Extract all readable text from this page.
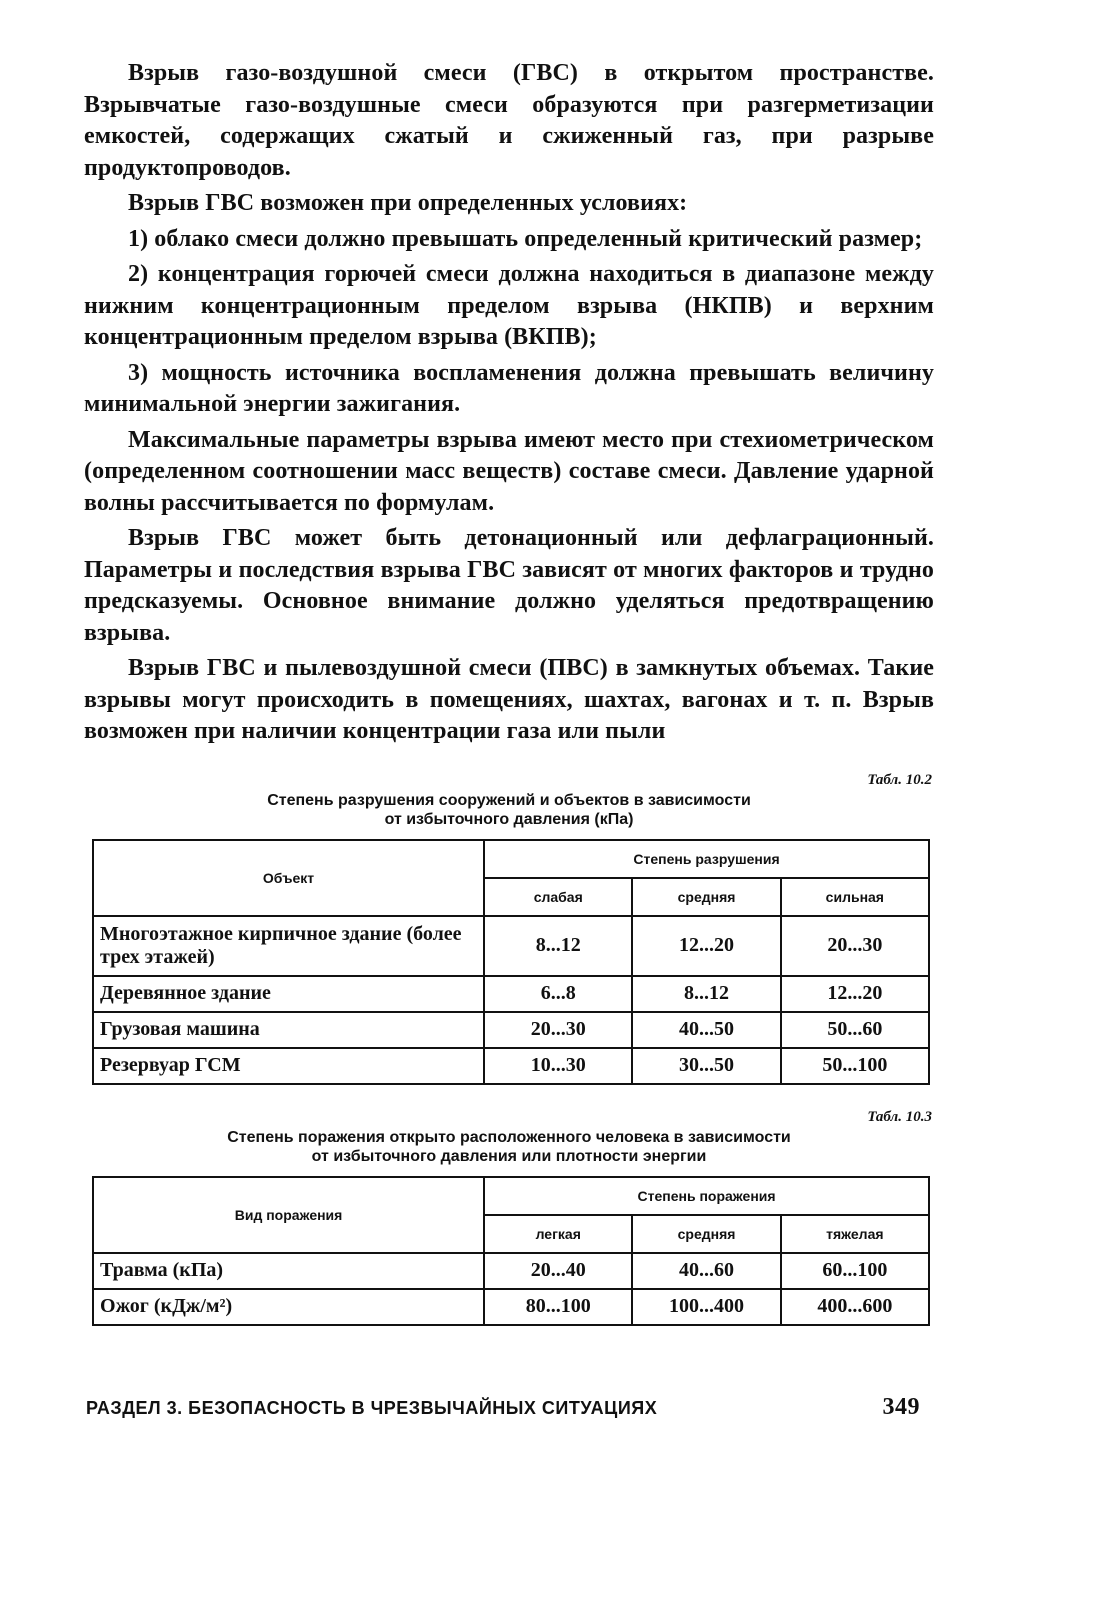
Взрыв газо-воздушной смеси (ГВС) в открытом пространстве. Взрывчатые газо-воздушные смеси образуются при разгерметизации емкостей, содержащих сжатый и сжиженный газ, при разрыве продуктопроводов.

Взрыв ГВС возможен при определенных условиях:

1) облако смеси должно превышать определенный критический размер;

2) концентрация горючей смеси должна находиться в диапазоне между нижним концентрационным пределом взрыва (НКПВ) и верхним концентрационным пределом взрыва (ВКПВ);

3) мощность источника воспламенения должна превышать величину минимальной энергии зажигания.

Максимальные параметры взрыва имеют место при стехиометрическом (определенном соотношении масс веществ) составе смеси. Давление ударной волны рассчитывается по формулам.

Взрыв ГВС может быть детонационный или дефлаграционный. Параметры и последствия взрыва ГВС зависят от многих факторов и трудно предсказуемы. Основное внимание должно уделяться предотвращению взрыва.

Взрыв ГВС и пылевоздушной смеси (ПВС) в замкнутых объемах. Такие взрывы могут происходить в помещениях, шахтах, вагонах и т. п. Взрыв возможен при наличии концентрации газа или пыли

Табл. 10.2

Степень разрушения сооружений и объектов в зависимости
от избыточного давления (кПа)
Объект	Степень разрушения		
	слабая	средняя	сильная
Многоэтажное кирпичное здание (более трех этажей)	8...12	12...20	20...30
Деревянное здание	6...8	8...12	12...20
Грузовая машина	20...30	40...50	50...60
Резервуар ГСМ	10...30	30...50	50...100

Табл. 10.3

Степень поражения открыто расположенного человека в зависимости
от избыточного давления или плотности энергии
Вид поражения	Степень поражения		
	легкая	средняя	тяжелая
Травма (кПа)	20...40	40...60	60...100
Ожог (кДж/м²)	80...100	100...400	400...600
РАЗДЕЛ 3. БЕЗОПАСНОСТЬ В ЧРЕЗВЫЧАЙНЫХ СИТУАЦИЯХ	349
